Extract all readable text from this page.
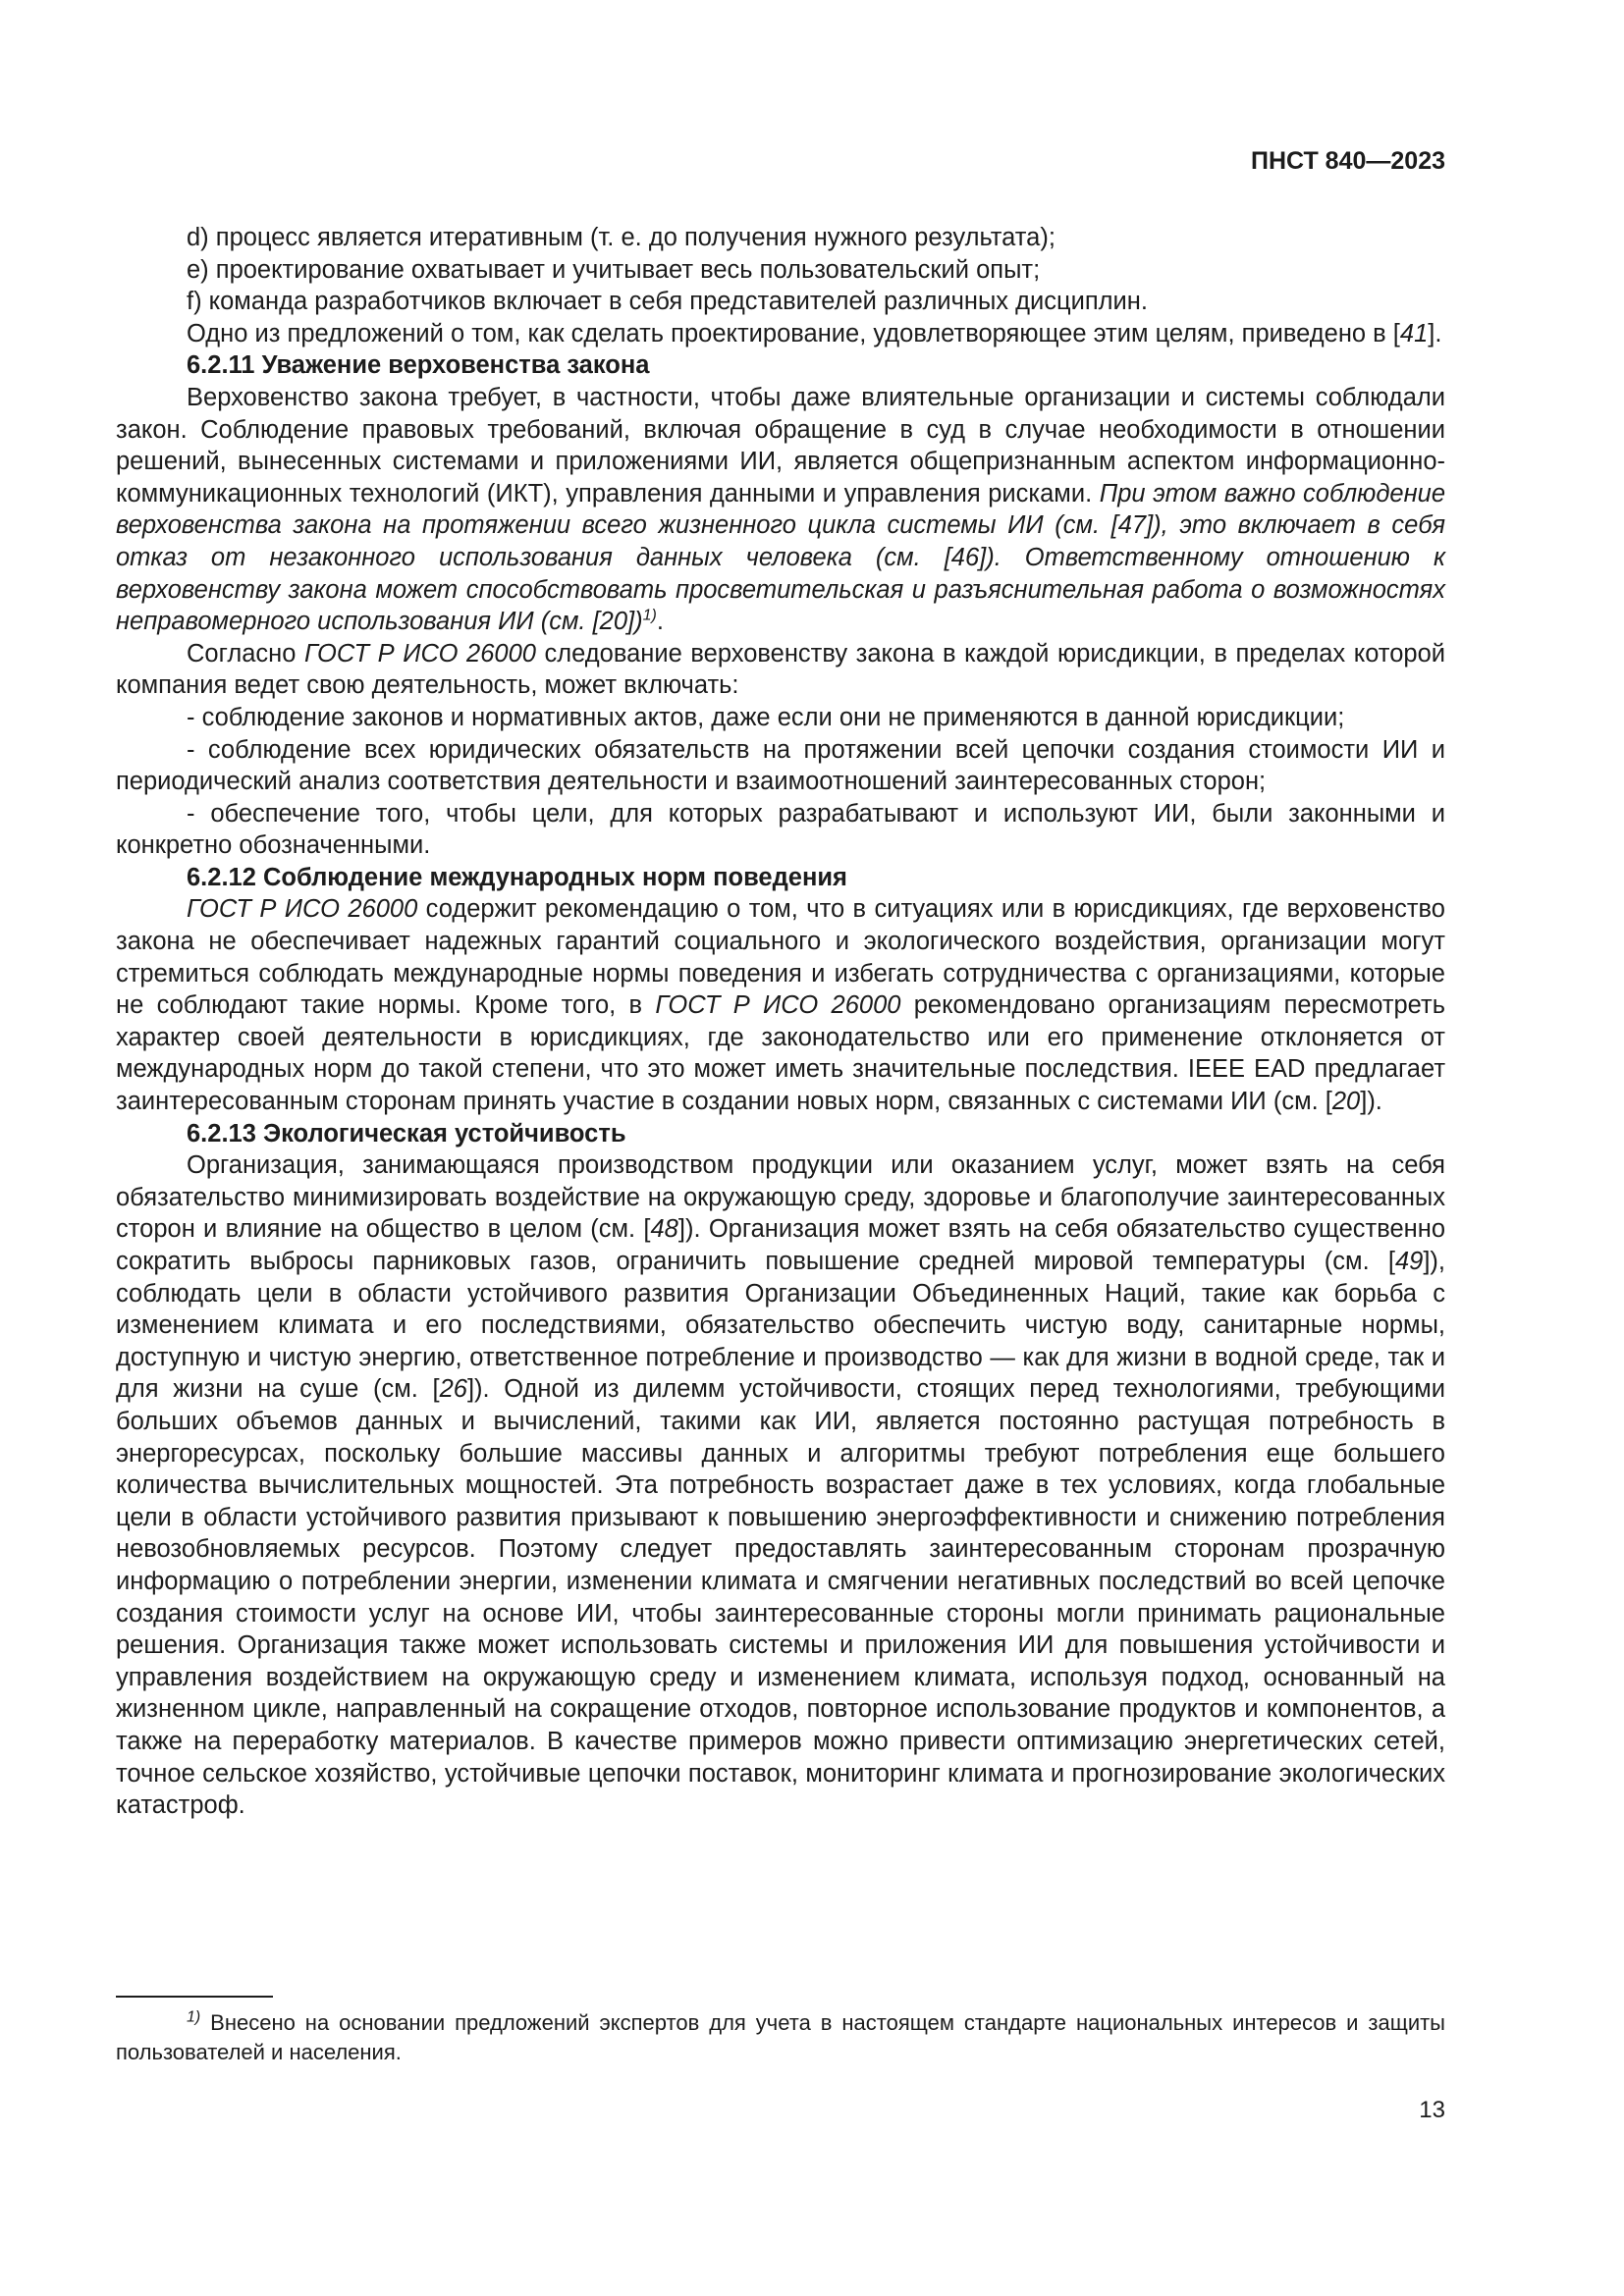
ПНСТ 840—2023

d) процесс является итеративным (т. е. до получения нужного результата);

e) проектирование охватывает и учитывает весь пользовательский опыт;

f) команда разработчиков включает в себя представителей различных дисциплин.

Одно из предложений о том, как сделать проектирование, удовлетворяющее этим целям, приведено в [41].

6.2.11 Уважение верховенства закона

Верховенство закона требует, в частности, чтобы даже влиятельные организации и системы соблюдали закон. Соблюдение правовых требований, включая обращение в суд в случае необходимости в отношении решений, вынесенных системами и приложениями ИИ, является общепризнанным аспектом информационно-коммуникационных технологий (ИКТ), управления данными и управления рисками. При этом важно соблюдение верховенства закона на протяжении всего жизненного цикла системы ИИ (см. [47]), это включает в себя отказ от незаконного использования данных человека (см. [46]). Ответственному отношению к верховенству закона может способствовать просветительская и разъяснительная работа о возможностях неправомерного использования ИИ (см. [20])$^{1)}$.

Согласно ГОСТ Р ИСО 26000 следование верховенству закона в каждой юрисдикции, в пределах которой компания ведет свою деятельность, может включать:

- соблюдение законов и нормативных актов, даже если они не применяются в данной юрисдикции;

- соблюдение всех юридических обязательств на протяжении всей цепочки создания стоимости ИИ и периодический анализ соответствия деятельности и взаимоотношений заинтересованных сторон;

- обеспечение того, чтобы цели, для которых разрабатывают и используют ИИ, были законными и конкретно обозначенными.

6.2.12 Соблюдение международных норм поведения

ГОСТ Р ИСО 26000 содержит рекомендацию о том, что в ситуациях или в юрисдикциях, где верховенство закона не обеспечивает надежных гарантий социального и экологического воздействия, организации могут стремиться соблюдать международные нормы поведения и избегать сотрудничества с организациями, которые не соблюдают такие нормы. Кроме того, в ГОСТ Р ИСО 26000 рекомендовано организациям пересмотреть характер своей деятельности в юрисдикциях, где законодательство или его применение отклоняется от международных норм до такой степени, что это может иметь значительные последствия. IEEE EAD предлагает заинтересованным сторонам принять участие в создании новых норм, связанных с системами ИИ (см. [20]).

6.2.13 Экологическая устойчивость

Организация, занимающаяся производством продукции или оказанием услуг, может взять на себя обязательство минимизировать воздействие на окружающую среду, здоровье и благополучие заинтересованных сторон и влияние на общество в целом (см. [48]). Организация может взять на себя обязательство существенно сократить выбросы парниковых газов, ограничить повышение средней мировой температуры (см. [49]), соблюдать цели в области устойчивого развития Организации Объединенных Наций, такие как борьба с изменением климата и его последствиями, обязательство обеспечить чистую воду, санитарные нормы, доступную и чистую энергию, ответственное потребление и производство — как для жизни в водной среде, так и для жизни на суше (см. [26]). Одной из дилемм устойчивости, стоящих перед технологиями, требующими больших объемов данных и вычислений, такими как ИИ, является постоянно растущая потребность в энергоресурсах, поскольку большие массивы данных и алгоритмы требуют потребления еще большего количества вычислительных мощностей. Эта потребность возрастает даже в тех условиях, когда глобальные цели в области устойчивого развития призывают к повышению энергоэффективности и снижению потребления невозобновляемых ресурсов. Поэтому следует предоставлять заинтересованным сторонам прозрачную информацию о потреблении энергии, изменении климата и смягчении негативных последствий во всей цепочке создания стоимости услуг на основе ИИ, чтобы заинтересованные стороны могли принимать рациональные решения. Организация также может использовать системы и приложения ИИ для повышения устойчивости и управления воздействием на окружающую среду и изменением климата, используя подход, основанный на жизненном цикле, направленный на сокращение отходов, повторное использование продуктов и компонентов, а также на переработку материалов. В качестве примеров можно привести оптимизацию энергетических сетей, точное сельское хозяйство, устойчивые цепочки поставок, мониторинг климата и прогнозирование экологических катастроф.

$^{1)}$ Внесено на основании предложений экспертов для учета в настоящем стандарте национальных интересов и защиты пользователей и населения.

13
